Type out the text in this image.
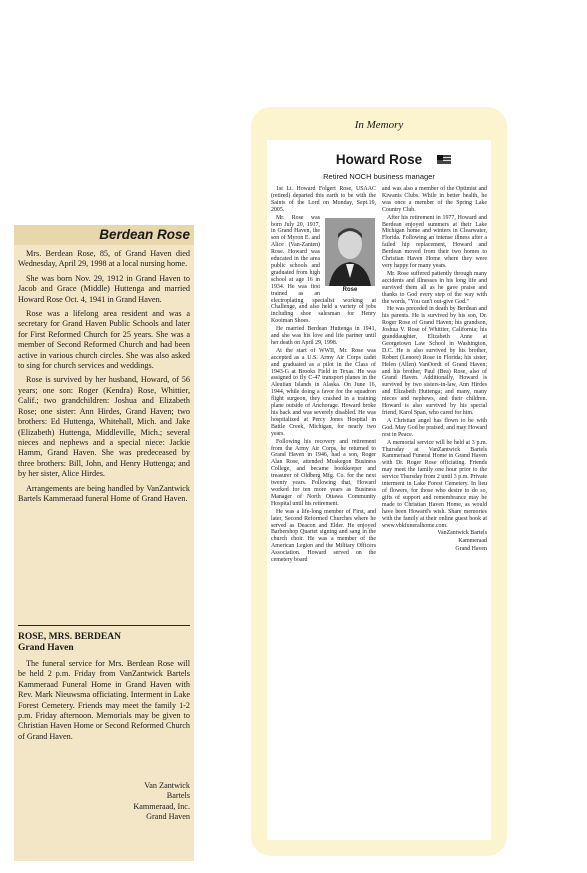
Berdean Rose

Mrs. Berdean Rose, 85, of Grand Haven died Wednesday, April 29, 1998 at a local nursing home.

She was born Nov. 29, 1912 in Grand Haven to Jacob and Grace (Middle) Huttenga and married Howard Rose Oct. 4, 1941 in Grand Haven.

Rose was a lifelong area resident and was a secretary for Grand Haven Public Schools and later for First Reformed Church for 25 years. She was a member of Second Reformed Church and had been active in various church circles. She was also asked to sing for church services and weddings.

Rose is survived by her husband, Howard, of 56 years; one son: Roger (Kendra) Rose, Whittier, Calif.; two grandchildren: Joshua and Elizabeth Rose; one sister: Ann Hirdes, Grand Haven; two brothers: Ed Huttenga, Whitehall, Mich. and Jake (Elizabeth) Huttenga, Middleville, Mich.; several nieces and nephews and a special niece: Jackie Hamm, Grand Haven. She was predeceased by three brothers: Bill, John, and Henry Huttenga; and by her sister, Alice Hirdes.

Arrangements are being handled by VanZantwick Bartels Kammeraad funeral Home of Grand Haven.

ROSE, MRS. BERDEAN
Grand Haven

The funeral service for Mrs. Berdean Rose will be held 2 p.m. Friday from VanZantwick Bartels Kammeraad Funeral Home in Grand Haven with Rev. Mark Nieuwsma officiating. Interment in Lake Forest Cemetery. Friends may meet the family 1-2 p.m. Friday afternoon. Memorials may be given to Christian Haven Home or Second Reformed Church of Grand Haven.

Van Zantwick
Bartels
Kammeraad, Inc.
Grand Haven
In Memory
Howard Rose
Retired NOCH business manager
Rose

1st Lt. Howard Folgert Rose, USAAC (retired) departed this earth to be with the Saints of the Lord on Monday, Sept.19, 2005.

Mr. Rose was born July 20, 1917, in Grand Haven, the son of Myron E. and Alice (Van-Zanten) Rose. Howard was educated in the area public schools and graduated from high school at age 16 in 1934. He was first trained as an electroplating specialist working at Challenge, and also held a variety of jobs including shoe salesman for Henry Kooiman Shoes.

He married Berdean Huttenga in 1941, and she was his love and life partner until her death on April 29, 1998.

At the start of WWII, Mr. Rose was accepted as a U.S. Army Air Corps cadet and graduated as a pilot in the Class of 1943-G at Brooks Field in Texas. He was assigned to fly C-47 transport planes in the Aleutian Islands in Alaska. On June 16, 1944, while doing a favor for the squadron flight surgeon, they crashed in a training plane outside of Anchorage. Howard broke his back and was severely disabled. He was hospitalized at Percy Jones Hospital in Battle Creek, Michigan, for nearly two years.

Following his recovery and retirement from the Army Air Corps, he returned to Grand Haven in 1946, had a son, Roger Alan Rose, attended Muskegon Business College, and became bookkeeper and treasurer of Oldberg Mfg. Co. for the next twenty years. Following that, Howard worked for ten more years as Business Manager of North Ottawa Community Hospital until his retirement.

He was a life-long member of First, and later, Second Reformed Churches where he served as Deacon and Elder. He enjoyed Barbershop Quartet signing and sang in the church choir. He was a member of the American Legion and the Military Officers Association. Howard served on the cemetery board

and was also a member of the Optimist and Kiwanis Clubs. While in better health, he was once a member of the Spring Lake Country Club.

After his retirement in 1977, Howard and Berdean enjoyed summers at their Lake Michigan home and winters in Clearwater, Florida. Following an intense illness after a failed hip replacement, Howard and Berdean moved from their two homes to Christian Haven Home where they were very happy for many years.

Mr. Rose suffered patiently through many accidents and illnesses in his long life and survived them all as he gave praise and thanks to God every step of the way with the words, "You can't out-give God."

He was preceded in death by Berdean and his parents. He is survived by his son, Dr. Roger Rose of Grand Haven; his grandson, Joshua V. Rose of Whittier, California; his granddaughter, Elizabeth Anne at Georgetown Law School in Washington, D.C. He is also survived by his brother, Robert (Lenore) Rose in Florida; his sister, Helen (Allen) VanOordt of Grand Haven; and his brother, Paul (Bea) Rose, also of Grand Haven. Additionally, Howard is survived by two sisters-in-law, Ann Hirdes and Elizabeth Huttenga; and many, many nieces and nephews, and their children. Howard is also survived by his special friend, Karol Span, who cared for him.

A Christian angel has flown to be with God. May God be praised, and may Howard rest in Peace.

A memorial service will be held at 3 p.m. Thursday at VanZantwick Bartels Kammeraad Funeral Home in Grand Haven with Dr. Roger Rose officiating. Friends may meet the family one hour prior to the service Thursday from 2 until 3 p.m. Private interment in Lake Forest Cemetery. In lieu of flowers, for those who desire to do so, gifts of support and remembrance may be made to Christian Haven Home, as would have been Howard's wish. Share memories with the family at their online guest book at www.vbkfuneralhome.com.

VanZantwick Bartels

Kammeraad

Grand Haven
